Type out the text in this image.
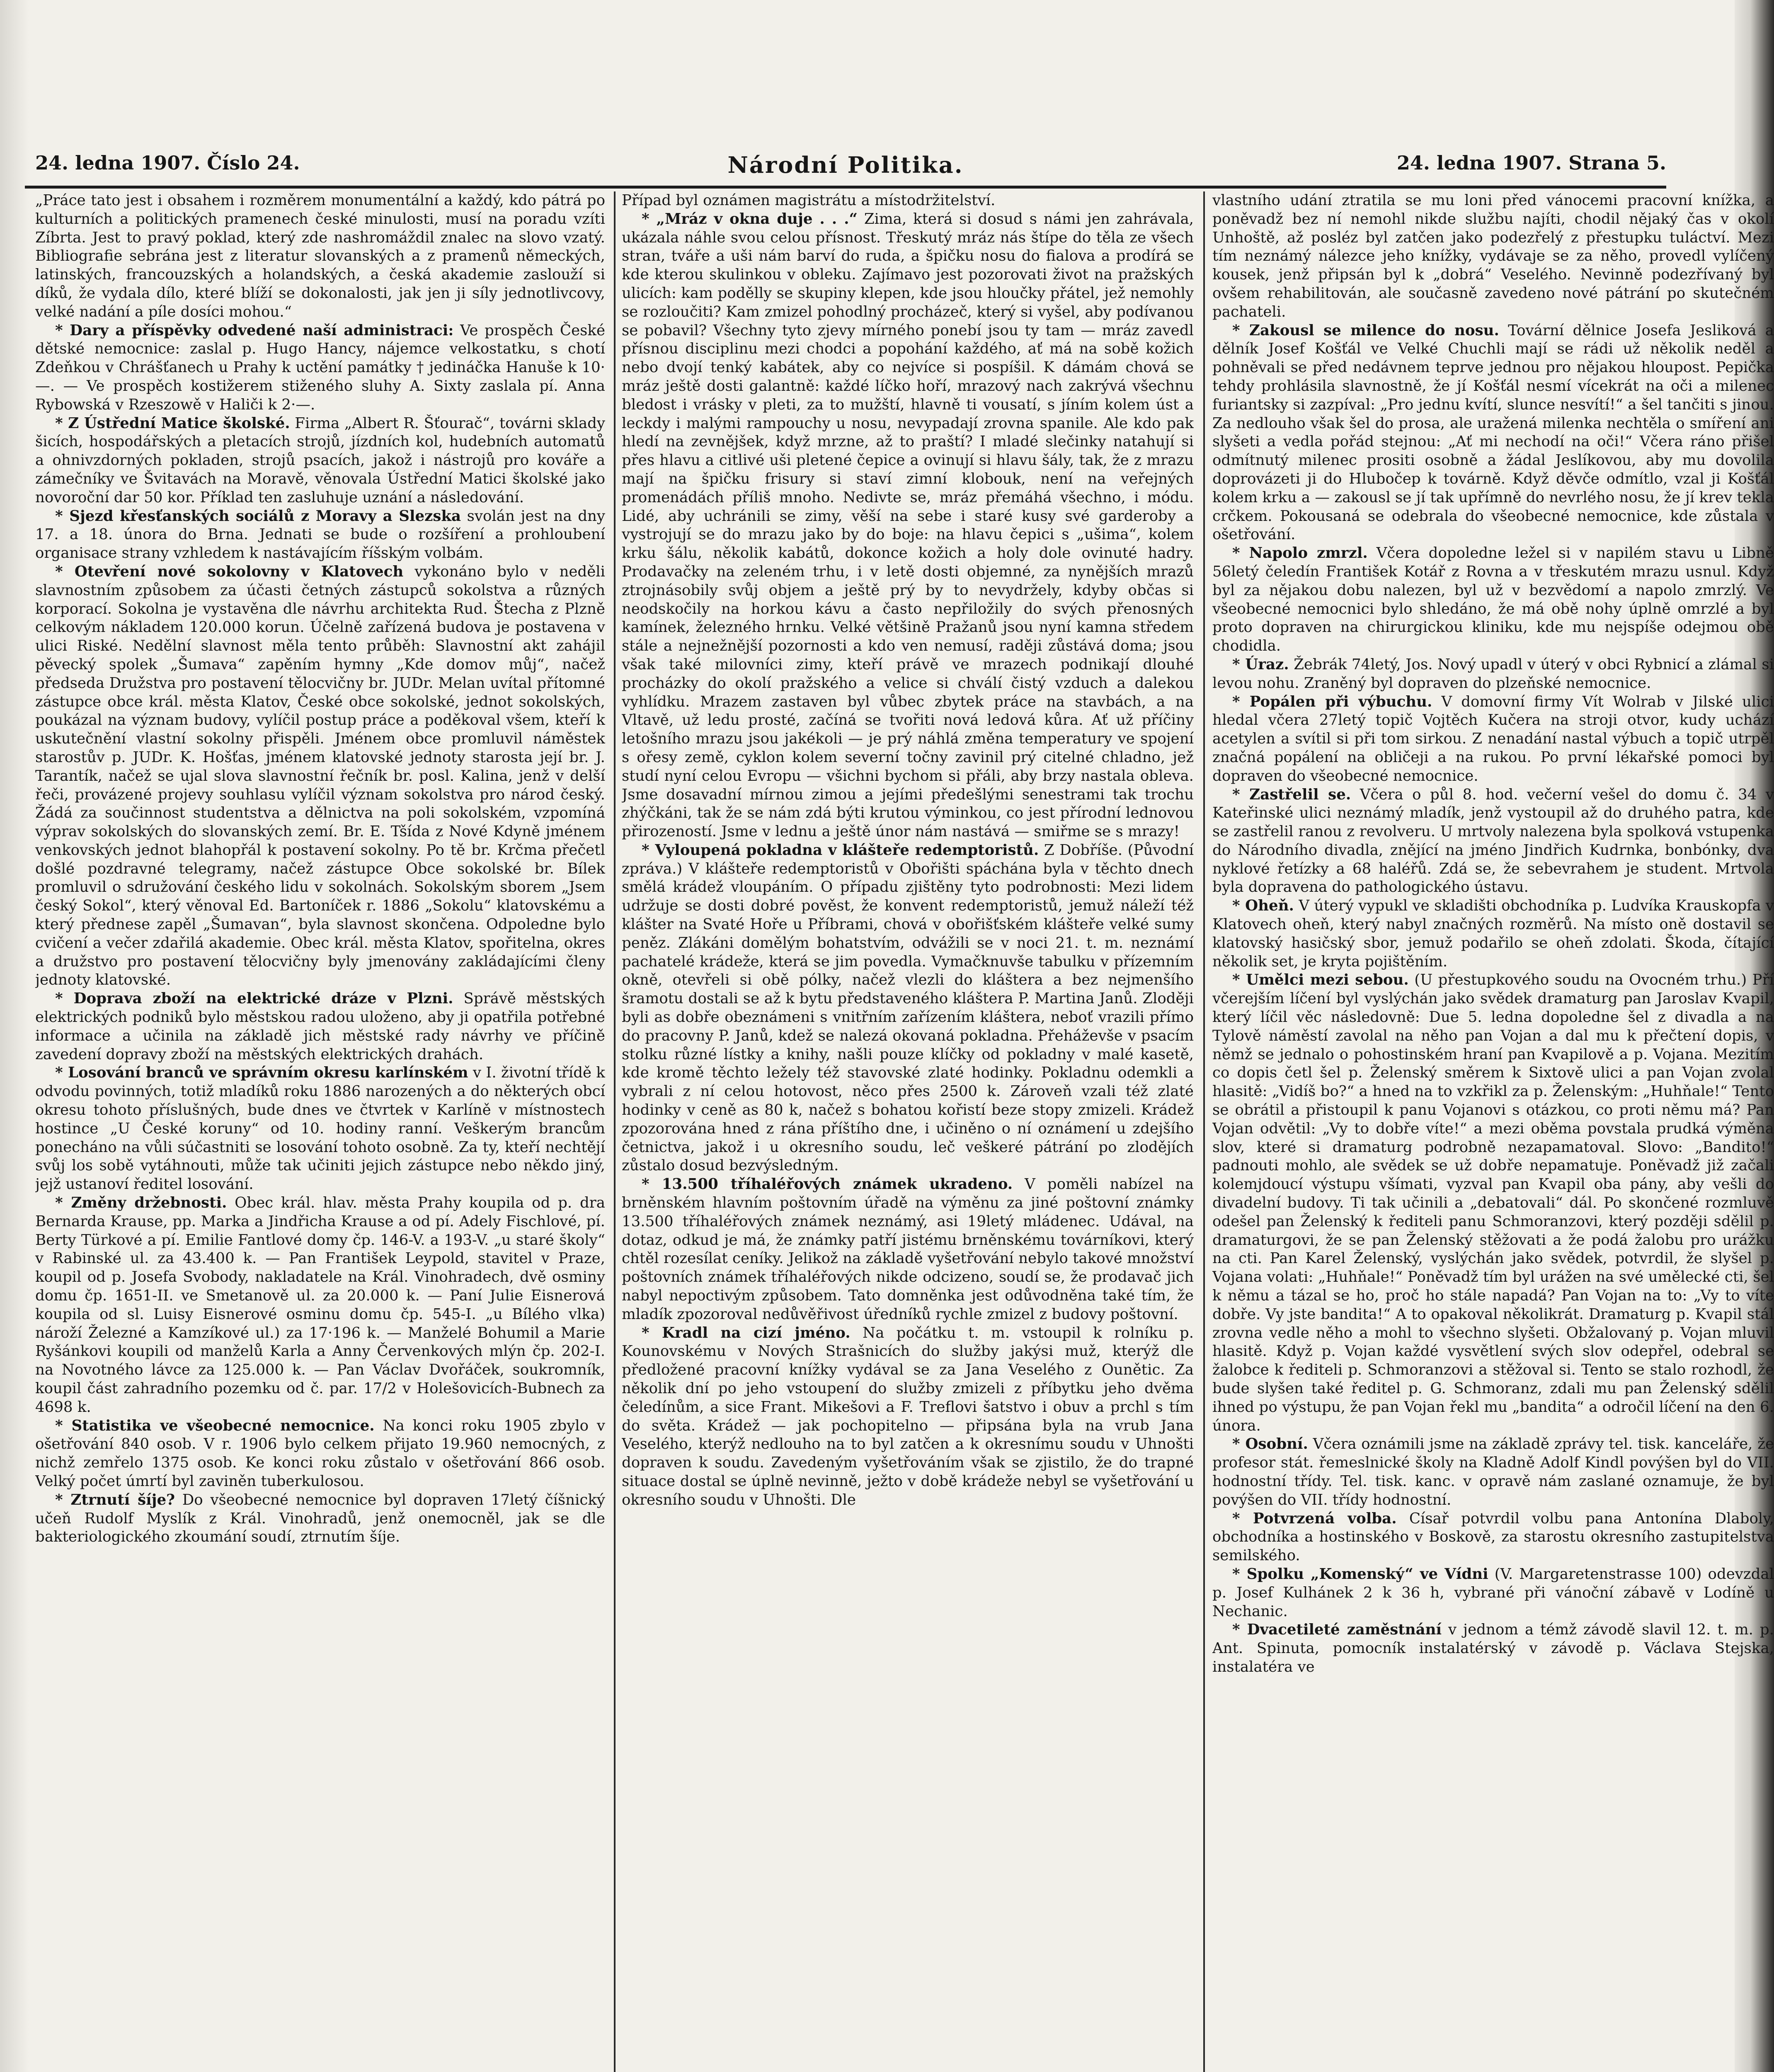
24. ledna 1907. Číslo 24.	Národní Politika.	24. ledna 1907. Strana 5.

„Práce tato jest i obsahem i rozměrem monumentální a každý, kdo pátrá po kulturních a politických pramenech české minulosti, musí na poradu vzíti Zíbrta. Jest to pravý poklad, který zde nashromáždil znalec na slovo vzatý. Bibliografie sebrána jest z literatur slovanských a z pramenů německých, latinských, francouzských a holandských, a česká akademie zaslouží si díků, že vydala dílo, které blíží se dokonalosti, jak jen ji síly jednotlivcovy, velké nadání a píle dosíci mohou.“

* Dary a příspěvky odvedené naší administraci: Ve prospěch České dětské nemocnice: zaslal p. Hugo Hancy, nájemce velkostatku, s chotí Zdeňkou v Chrášťanech u Prahy k uctění památky † jedináčka Hanuše k 10·—. — Ve prospěch kostižerem stiženého sluhy A. Sixty zaslala pí. Anna Rybowská v Rzeszowě v Haliči k 2·—.

* Z Ústřední Matice školské. Firma „Albert R. Šťourač“, továrni sklady šicích, hospodářských a pletacích strojů, jízdních kol, hudebních automatů a ohnivzdorných pokladen, strojů psacích, jakož i nástrojů pro kováře a zámečníky ve Švitavách na Moravě, věnovala Ústřední Matici školské jako novoroční dar 50 kor. Příklad ten zasluhuje uznání a následování.

* Sjezd křesťanských sociálů z Moravy a Slezska svolán jest na dny 17. a 18. února do Brna. Jednati se bude o rozšíření a prohloubení organisace strany vzhledem k nastávajícím říšským volbám.

* Otevření nové sokolovny v Klatovech vykonáno bylo v neděli slavnostním způsobem za účasti četných zástupců sokolstva a různých korporací. Sokolna je vystavěna dle návrhu architekta Rud. Štecha z Plzně celkovým nákladem 120.000 korun. Účelně zařízená budova je postavena v ulici Riské. Nedělní slavnost měla tento průběh: Slavnostní akt zahájil pěvecký spolek „Šumava“ zapěním hymny „Kde domov můj“, načež předseda Družstva pro postavení tělocvičny br. JUDr. Melan uvítal přítomné zástupce obce král. města Klatov, České obce sokolské, jednot sokolských, poukázal na význam budovy, vylíčil postup práce a poděkoval všem, kteří k uskutečnění vlastní sokolny přispěli. Jménem obce promluvil náměstek starostův p. JUDr. K. Hošťas, jménem klatovské jednoty starosta její br. J. Tarantík, načež se ujal slova slavnostní řečník br. posl. Kalina, jenž v delší řeči, provázené projevy souhlasu vylíčil význam sokolstva pro národ český. Žádá za součinnost studentstva a dělnictva na poli sokolském, vzpomíná výprav sokolských do slovanských zemí. Br. E. Tšída z Nové Kdyně jménem venkovských jednot blahopřál k postavení sokolny. Po tě br. Krčma přečetl došlé pozdravné telegramy, načež zástupce Obce sokolské br. Bílek promluvil o sdružování českého lidu v sokolnách. Sokolským sborem „Jsem český Sokol“, který věnoval Ed. Bartoníček r. 1886 „Sokolu“ klatovskému a který přednese zapěl „Šumavan“, byla slavnost skončena. Odpoledne bylo cvičení a večer zdařilá akademie. Obec král. města Klatov, spořitelna, okres a družstvo pro postavení tělocvičny byly jmenovány zakládajícími členy jednoty klatovské.

* Doprava zboží na elektrické dráze v Plzni. Správě městských elektrických podniků bylo městskou radou uloženo, aby ji opatřila potřebné informace a učinila na základě jich městské rady návrhy ve příčině zavedení dopravy zboží na městských elektrických drahách.

* Losování branců ve správním okresu karlínském v I. životní třídě k odvodu povinných, totiž mladíků roku 1886 narozených a do některých obcí okresu tohoto příslušných, bude dnes ve čtvrtek v Karlíně v místnostech hostince „U České koruny“ od 10. hodiny ranní. Veškerým brancům ponecháno na vůli súčastniti se losování tohoto osobně. Za ty, kteří nechtějí svůj los sobě vytáhnouti, může tak učiniti jejich zástupce nebo někdo jiný, jejž ustanoví ředitel losování.

* Změny držebnosti. Obec král. hlav. města Prahy koupila od p. dra Bernarda Krause, pp. Marka a Jindřicha Krause a od pí. Adely Fischlové, pí. Berty Türkové a pí. Emilie Fantlové domy čp. 146-V. a 193-V. „u staré školy“ v Rabinské ul. za 43.400 k. — Pan František Leypold, stavitel v Praze, koupil od p. Josefa Svobody, nakladatele na Král. Vinohradech, dvě osminy domu čp. 1651-II. ve Smetanově ul. za 20.000 k. — Paní Julie Eisnerová koupila od sl. Luisy Eisnerové osminu domu čp. 545-I. „u Bílého vlka) nároží Železné a Kamzíkové ul.) za 17·196 k. — Manželé Bohumil a Marie Ryšánkovi koupili od manželů Karla a Anny Červenkových mlýn čp. 202-I. na Novotného lávce za 125.000 k. — Pan Václav Dvořáček, soukromník, koupil část zahradního pozemku od č. par. 17/2 v Holešovicích-Bubnech za 4698 k.

* Statistika ve všeobecné nemocnice. Na konci roku 1905 zbylo v ošetřování 840 osob. V r. 1906 bylo celkem přijato 19.960 nemocných, z nichž zemřelo 1375 osob. Ke konci roku zůstalo v ošetřování 866 osob. Velký počet úmrtí byl zaviněn tuberkulosou.

* Ztrnutí šíje? Do všeobecné nemocnice byl dopraven 17letý číšnický učeň Rudolf Myslík z Král. Vinohradů, jenž onemocněl, jak se dle bakteriologického zkoumání soudí, ztrnutím šíje.

Případ byl oznámen magistrátu a místodržitelství.

* „Mráz v okna duje . . .“ Zima, která si dosud s námi jen zahrávala, ukázala náhle svou celou přísnost. Třeskutý mráz nás štípe do těla ze všech stran, tváře a uši nám barví do ruda, a špičku nosu do fialova a prodírá se kde kterou skulinkou v obleku. Zajímavo jest pozorovati život na pražských ulicích: kam podělly se skupiny klepen, kde jsou hloučky přátel, jež nemohly se rozloučiti? Kam zmizel pohodlný procházeč, který si vyšel, aby podívanou se pobavil? Všechny tyto zjevy mírného ponebí jsou ty tam — mráz zavedl přísnou disciplinu mezi chodci a popohání každého, ať má na sobě kožich nebo dvojí tenký kabátek, aby co nejvíce si pospíšil. K dámám chová se mráz ještě dosti galantně: každé líčko hoří, mrazový nach zakrývá všechnu bledost i vrásky v pleti, za to mužští, hlavně ti vousatí, s jíním kolem úst a leckdy i malými rampouchy u nosu, nevypadají zrovna spanile. Ale kdo pak hledí na zevnějšek, když mrzne, až to praští? I mladé slečinky natahují si přes hlavu a citlivé uši pletené čepice a ovinují si hlavu šály, tak, že z mrazu mají na špičku frisury si staví zimní klobouk, není na veřejných promenádách příliš mnoho. Nedivte se, mráz přemáhá všechno, i módu. Lidé, aby uchránili se zimy, věší na sebe i staré kusy své garderoby a vystrojují se do mrazu jako by do boje: na hlavu čepici s „ušima“, kolem krku šálu, několik kabátů, dokonce kožich a holy dole ovinuté hadry. Prodavačky na zeleném trhu, i v letě dosti objemné, za nynějších mrazů ztrojnásobily svůj objem a ještě prý by to nevydržely, kdyby občas si neodskočily na horkou kávu a často nepřiložily do svých přenosných kamínek, železného hrnku. Velké většině Pražanů jsou nyní kamna středem stále a nejnežnější pozornosti a kdo ven nemusí, raději zůstává doma; jsou však také milovníci zimy, kteří právě ve mrazech podnikají dlouhé procházky do okolí pražského a velice si chválí čistý vzduch a dalekou vyhlídku. Mrazem zastaven byl vůbec zbytek práce na stavbách, a na Vltavě, už ledu prosté, začíná se tvořiti nová ledová kůra. Ať už příčiny letošního mrazu jsou jakékoli — je prý náhlá změna temperatury ve spojení s ořesy země, cyklon kolem severní točny zavinil prý citelné chladno, jež studí nyní celou Evropu — všichni bychom si přáli, aby brzy nastala obleva. Jsme dosavadní mírnou zimou a jejími předešlými senestrami tak trochu zhýčkáni, tak že se nám zdá býti krutou výminkou, co jest přírodní lednovou přirozeností. Jsme v lednu a ještě únor nám nastává — smiřme se s mrazy!

* Vyloupená pokladna v klášteře redemptoristů. Z Dobříše. (Původní zpráva.) V klášteře redemptoristů v Obořišti spáchána byla v těchto dnech smělá krádež vloupáním. O případu zjištěny tyto podrobnosti: Mezi lidem udržuje se dosti dobré pověst, že konvent redemptoristů, jemuž náleží též klášter na Svaté Hoře u Příbrami, chová v obořišťském klášteře velké sumy peněz. Zlákáni domělým bohatstvím, odvážili se v noci 21. t. m. neznámí pachatelé krádeže, která se jim povedla. Vymačknuvše tabulku v přízemním okně, otevřeli si obě pólky, načež vlezli do kláštera a bez nejmenšího šramotu dostali se až k bytu představeného kláštera P. Martina Janů. Zloději byli as dobře obeznámeni s vnitřním zařízením kláštera, neboť vrazili přímo do pracovny P. Janů, kdež se nalezá okovaná pokladna. Přeháževše v psacím stolku různé lístky a knihy, našli pouze klíčky od pokladny v malé kasetě, kde kromě těchto ležely též stavovské zlaté hodinky. Pokladnu odemkli a vybrali z ní celou hotovost, něco přes 2500 k. Zároveň vzali též zlaté hodinky v ceně as 80 k, načež s bohatou kořistí beze stopy zmizeli. Krádež zpozorována hned z rána příštího dne, i učiněno o ní oznámení u zdejšího četnictva, jakož i u okresního soudu, leč veškeré pátrání po zlodějích zůstalo dosud bezvýsledným.

* 13.500 tříhaléřových známek ukradeno. V poměli nabízel na brněnském hlavním poštovním úřadě na výměnu za jiné poštovní známky 13.500 tříhaléřových známek neznámý, asi 19letý mládenec. Udával, na dotaz, odkud je má, že známky patří jistému brněnskému továrníkovi, který chtěl rozesílat ceníky. Jelikož na základě vyšetřování nebylo takové množství poštovních známek tříhaléřových nikde odcizeno, soudí se, že prodavač jich nabyl nepoctivým způsobem. Tato domněnka jest odůvodněna také tím, že mladík zpozoroval nedůvěřivost úředníků rychle zmizel z budovy poštovní.

* Kradl na cizí jméno. Na počátku t. m. vstoupil k rolníku p. Kounovskému v Nových Strašnicích do služby jakýsi muž, kterýž dle předložené pracovní knížky vydával se za Jana Veselého z Ounětic. Za několik dní po jeho vstoupení do služby zmizeli z příbytku jeho dvěma čeledínům, a sice Frant. Mikešovi a F. Treflovi šatstvo i obuv a prchl s tím do světa. Krádež — jak pochopitelno — připsána byla na vrub Jana Veselého, kterýž nedlouho na to byl zatčen a k okresnímu soudu v Uhnošti dopraven k soudu. Zavedeným vyšetřováním však se zjistilo, že do trapné situace dostal se úplně nevinně, ježto v době krádeže nebyl se vyšetřování u okresního soudu v Uhnošti. Dle

vlastního udání ztratila se mu loni před vánocemi pracovní knížka, a poněvadž bez ní nemohl nikde službu najíti, chodil nějaký čas v okolí Unhoště, až posléz byl zatčen jako podezřelý z přestupku tuláctví. Mezi tím neznámý nálezce jeho knížky, vydávaje se za něho, provedl vylíčený kousek, jenž připsán byl k „dobrá“ Veselého. Nevinně podezřívaný byl ovšem rehabilitován, ale současně zavedeno nové pátrání po skutečném pachateli.

* Zakousl se milence do nosu. Tovární dělnice Josefa Jesliková a dělník Josef Košťál ve Velké Chuchli mají se rádi už několik neděl a pohněvali se před nedávnem teprve jednou pro nějakou hloupost. Pepička tehdy prohlásila slavnostně, že jí Košťál nesmí vícekrát na oči a milenec furiantsky si zazpíval: „Pro jednu kvítí, slunce nesvítí!“ a šel tančiti s jinou. Za nedlouho však šel do prosa, ale uražená milenka nechtěla o smíření ani slyšeti a vedla pořád stejnou: „Ať mi nechodí na oči!“ Včera ráno přišel odmítnutý milenec prositi osobně a žádal Jeslíkovou, aby mu dovolila doprovázeti ji do Hlubočep k továrně. Když děvče odmítlo, vzal ji Košťál kolem krku a — zakousl se jí tak upřímně do nevrlého nosu, že jí krev tekla crčkem. Pokousaná se odebrala do všeobecné nemocnice, kde zůstala v ošetřování.

* Napolo zmrzl. Včera dopoledne ležel si v napilém stavu u Libně 56letý čeledín František Kotář z Rovna a v třeskutém mrazu usnul. Když byl za nějakou dobu nalezen, byl už v bezvědomí a napolo zmrzlý. Ve všeobecné nemocnici bylo shledáno, že má obě nohy úplně omrzlé a byl proto dopraven na chirurgickou kliniku, kde mu nejspíše odejmou obě chodidla.

* Úraz. Žebrák 74letý, Jos. Nový upadl v úterý v obci Rybnicí a zlámal si levou nohu. Zraněný byl dopraven do plzeňské nemocnice.

* Popálen při výbuchu. V domovní firmy Vít Wolrab v Jilské ulici hledal včera 27letý topič Vojtěch Kučera na stroji otvor, kudy uchází acetylen a svítil si při tom sirkou. Z nenadání nastal výbuch a topič utrpěl značná popálení na obličeji a na rukou. Po první lékařské pomoci byl dopraven do všeobecné nemocnice.

* Zastřelil se. Včera o půl 8. hod. večerní vešel do domu č. 34 v Kateřinské ulici neznámý mladík, jenž vystoupil až do druhého patra, kde se zastřelil ranou z revolveru. U mrtvoly nalezena byla spolková vstupenka do Národního divadla, znějící na jméno Jindřich Kudrnka, bonbónky, dva nyklové řetízky a 68 haléřů. Zdá se, že sebevrahem je student. Mrtvola byla dopravena do pathologického ústavu.

* Oheň. V úterý vypukl ve skladišti obchodníka p. Ludvíka Krauskopfa v Klatovech oheň, který nabyl značných rozměrů. Na místo oně dostavil se klatovský hasičský sbor, jemuž podařilo se oheň zdolati. Škoda, čítající několik set, je kryta pojištěním.

* Umělci mezi sebou. (U přestupkového soudu na Ovocném trhu.) Pří včerejším líčení byl vyslýchán jako svědek dramaturg pan Jaroslav Kvapil, který líčil věc následovně: Due 5. ledna dopoledne šel z divadla a na Tylově náměstí zavolal na něho pan Vojan a dal mu k přečtení dopis, v němž se jednalo o pohostinském hraní pan Kvapilově a p. Vojana. Mezitím co dopis četl šel p. Želenský směrem k Sixtově ulici a pan Vojan zvolal hlasitě: „Vidíš bo?“ a hned na to vzkřikl za p. Želenským: „Huhňale!“ Tento se obrátil a přistoupil k panu Vojanovi s otázkou, co proti němu má? Pan Vojan odvětil: „Vy to dobře víte!“ a mezi oběma povstala prudká výměna slov, které si dramaturg podrobně nezapamatoval. Slovo: „Bandito!“ padnouti mohlo, ale svědek se už dobře nepamatuje. Poněvadž již začali kolemjdoucí výstupu všímati, vyzval pan Kvapil oba pány, aby vešli do divadelní budovy. Ti tak učinili a „debatovali“ dál. Po skončené rozmluvě odešel pan Želenský k řediteli panu Schmoranzovi, který později sdělil p. dramaturgovi, že se pan Želenský stěžovati a že podá žalobu pro urážku na cti. Pan Karel Želenský, vyslýchán jako svědek, potvrdil, že slyšel p. Vojana volati: „Huhňale!“ Poněvadž tím byl urážen na své umělecké cti, šel k němu a tázal se ho, proč ho stále napadá? Pan Vojan na to: „Vy to víte dobře. Vy jste bandita!“ A to opakoval několikrát. Dramaturg p. Kvapil stál zrovna vedle něho a mohl to všechno slyšeti. Obžalovaný p. Vojan mluvil hlasitě. Když p. Vojan každé vysvětlení svých slov odepřel, odebral se žalobce k řediteli p. Schmoranzovi a stěžoval si. Tento se stalo rozhodl, že bude slyšen také ředitel p. G. Schmoranz, zdali mu pan Želenský sdělil ihned po výstupu, že pan Vojan řekl mu „bandita“ a odročil líčení na den 6. února.

* Osobní. Včera oznámili jsme na základě zprávy tel. tisk. kanceláře, že profesor stát. řemeslnické školy na Kladně Adolf Kindl povýšen byl do VII. hodnostní třídy. Tel. tisk. kanc. v opravě nám zaslané oznamuje, že byl povýšen do VII. třídy hodnostní.

* Potvrzená volba. Císař potvrdil volbu pana Antonína Dlaboly, obchodníka a hostinského v Boskově, za starostu okresního zastupitelstva semilského.

* Spolku „Komenský“ ve Vídni (V. Margaretenstrasse 100) odevzdal p. Josef Kulhánek 2 k 36 h, vybrané při vánoční zábavě v Lodíně u Nechanic.

* Dvacetileté zaměstnání v jednom a témž závodě slavil 12. t. m. p. Ant. Spinuta, pomocník instalatérský v závodě p. Václava Stejska, instalatéra ve
